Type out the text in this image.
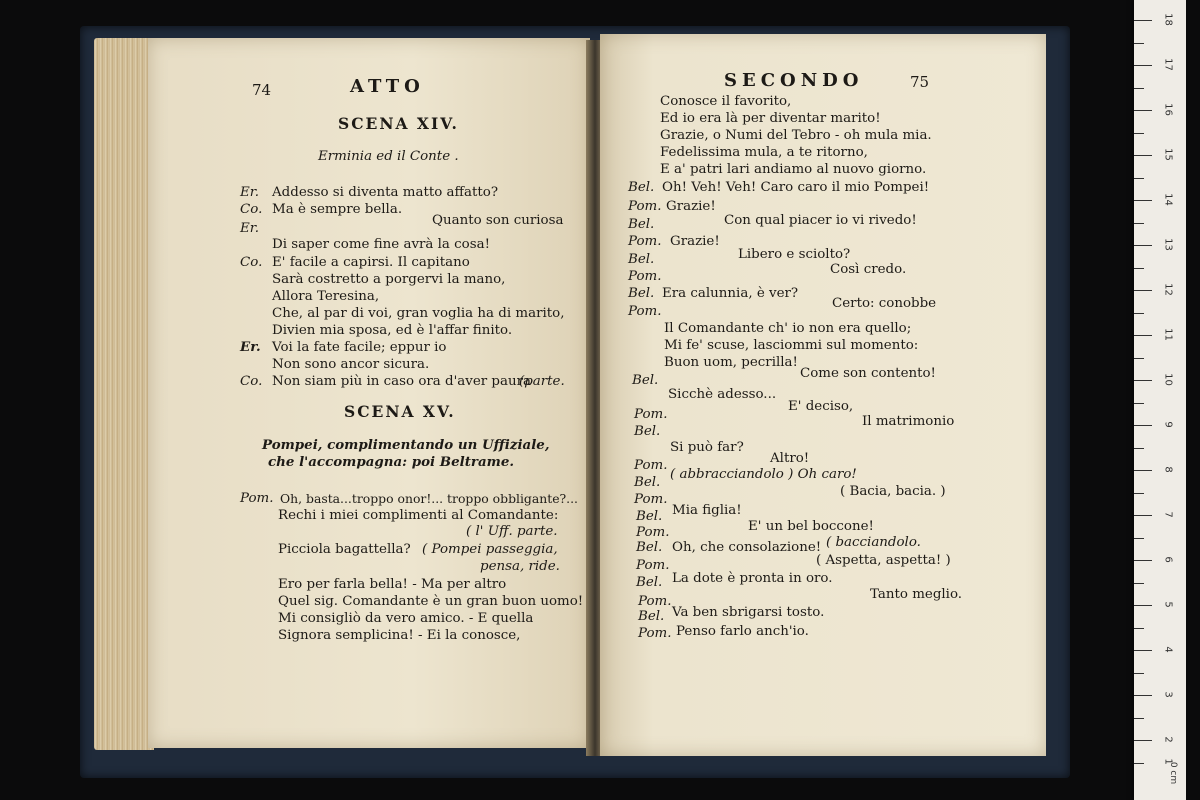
74	ATTO
SCENA XIV.
Erminia ed il Conte .
Er. Addesso si diventa matto affatto?
Co. Ma è sempre bella.
Er.
Quanto son curiosa
Di saper come fine avrà la cosa!
Co. E' facile a capirsi. Il capitano
Sarà costretto a porgervi la mano,
Allora Teresina,
Che, al par di voi, gran voglia ha di marito,
Divien mia sposa, ed è l'affar finito.
Er. Voi la fate facile; eppur io
Non sono ancor sicura.
Co. Non siam più in caso ora d'aver paura
(parte.
SCENA XV.
Pompei, complimentando un Uffiziale,
che l'accompagna: poi Beltrame.
Pom. Oh, basta...troppo onor!... troppo obbligante?...
Rechi i miei complimenti al Comandante:
( l' Uff. parte.
Picciola bagattella? ( Pompei passeggia,
pensa, ride.
Ero per farla bella! - Ma per altro
Quel sig. Comandante è un gran buon uomo!
Mi consigliò da vero amico. - E quella
Signora semplicina! - Ei la conosce,
SECONDO	75
Conosce il favorito,
Ed io era là per diventar marito!
Grazie, o Numi del Tebro - oh mula mia.
Fedelissima mula, a te ritorno,
E a' patri lari andiamo al nuovo giorno.
Bel. Oh! Veh! Veh! Caro caro il mio Pompei!
Pom. Grazie!
Bel.	Con qual piacer io vi rivedo!
Pom. Grazie!
Bel.	Libero e sciolto?
Pom.	Così credo.
Bel. Era calunnia, è ver?
Pom.
Certo: conobbe
Il Comandante ch' io non era quello;
Mi fe' scuse, lasciommi sul momento:
Buon uom, pecrilla!
Bel.	Come son contento!
Sicchè adesso...
Pom.
E' deciso,
Bel.
Il matrimonio
Si può far?
Pom.	Altro!
Bel.
( abbracciandolo ) Oh caro!
Pom.
( Bacia, bacia. )
Bel. Mia figlia!
Pom.	E' un bel boccone!
Bel. Oh, che consolazione! ( bacciandolo.
Pom.	( Aspetta, aspetta! )
Bel. La dote è pronta in oro.
Pom.	Tanto meglio.
Bel. Va ben sbrigarsi tosto.
Pom. Penso farlo anch'io.
18
17
16
15
14
13
12
11
10
9
8
7
6
5
4
3
2
1
0 cm
